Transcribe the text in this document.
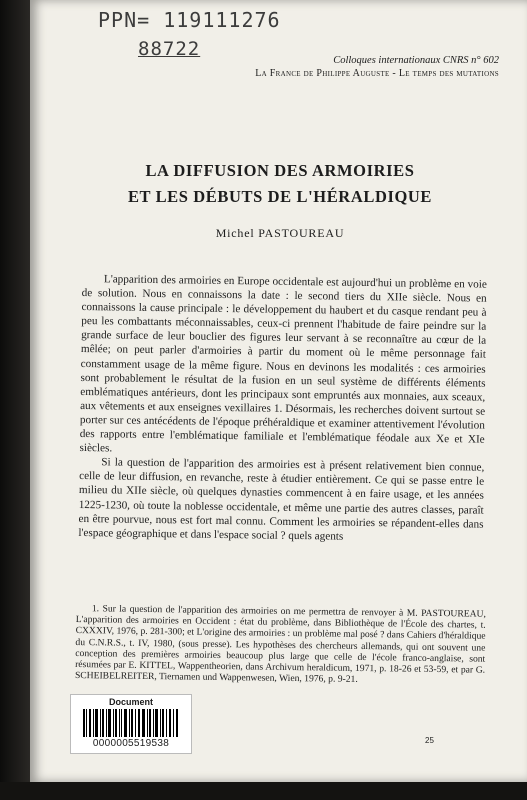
PPN= 119111276
88722
Colloques internationaux CNRS n° 602
La France de Philippe Auguste - Le temps des mutations
LA DIFFUSION DES ARMOIRIES
ET LES DÉBUTS DE L'HÉRALDIQUE
Michel PASTOUREAU

L'apparition des armoiries en Europe occidentale est aujourd'hui un problème en voie de solution. Nous en connaissons la date : le second tiers du XIIe siècle. Nous en connaissons la cause principale : le développement du haubert et du casque rendant peu à peu les combattants méconnaissables, ceux-ci prennent l'habitude de faire peindre sur la grande surface de leur bouclier des figures leur servant à se reconnaître au cœur de la mêlée; on peut parler d'armoiries à partir du moment où le même personnage fait constamment usage de la même figure. Nous en devinons les modalités : ces armoiries sont probablement le résultat de la fusion en un seul système de différents éléments emblématiques antérieurs, dont les principaux sont empruntés aux monnaies, aux sceaux, aux vêtements et aux enseignes vexillaires 1. Désormais, les recherches doivent surtout se porter sur ces antécédents de l'époque préhéraldique et examiner attentivement l'évolution des rapports entre l'emblématique familiale et l'emblématique féodale aux Xe et XIe siècles.

Si la question de l'apparition des armoiries est à présent relativement bien connue, celle de leur diffusion, en revanche, reste à étudier entièrement. Ce qui se passe entre le milieu du XIIe siècle, où quelques dynasties commencent à en faire usage, et les années 1225-1230, où toute la noblesse occidentale, et même une partie des autres classes, paraît en être pourvue, nous est fort mal connu. Comment les armoiries se répandent-elles dans l'espace géographique et dans l'espace social ? quels agents

1. Sur la question de l'apparition des armoiries on me permettra de renvoyer à M. PASTOUREAU, L'apparition des armoiries en Occident : état du problème, dans Bibliothèque de l'École des chartes, t. CXXXIV, 1976, p. 281-300; et L'origine des armoiries : un problème mal posé ? dans Cahiers d'héraldique du C.N.R.S., t. IV, 1980, (sous presse). Les hypothèses des chercheurs allemands, qui ont souvent une conception des premières armoiries beaucoup plus large que celle de l'école franco-anglaise, sont résumées par E. KITTEL, Wappentheorien, dans Archivum heraldicum, 1971, p. 18-26 et 53-59, et par G. SCHEIBELREITER, Tiernamen und Wappenwesen, Wien, 1976, p. 9-21.

Document
0000005519538	25
